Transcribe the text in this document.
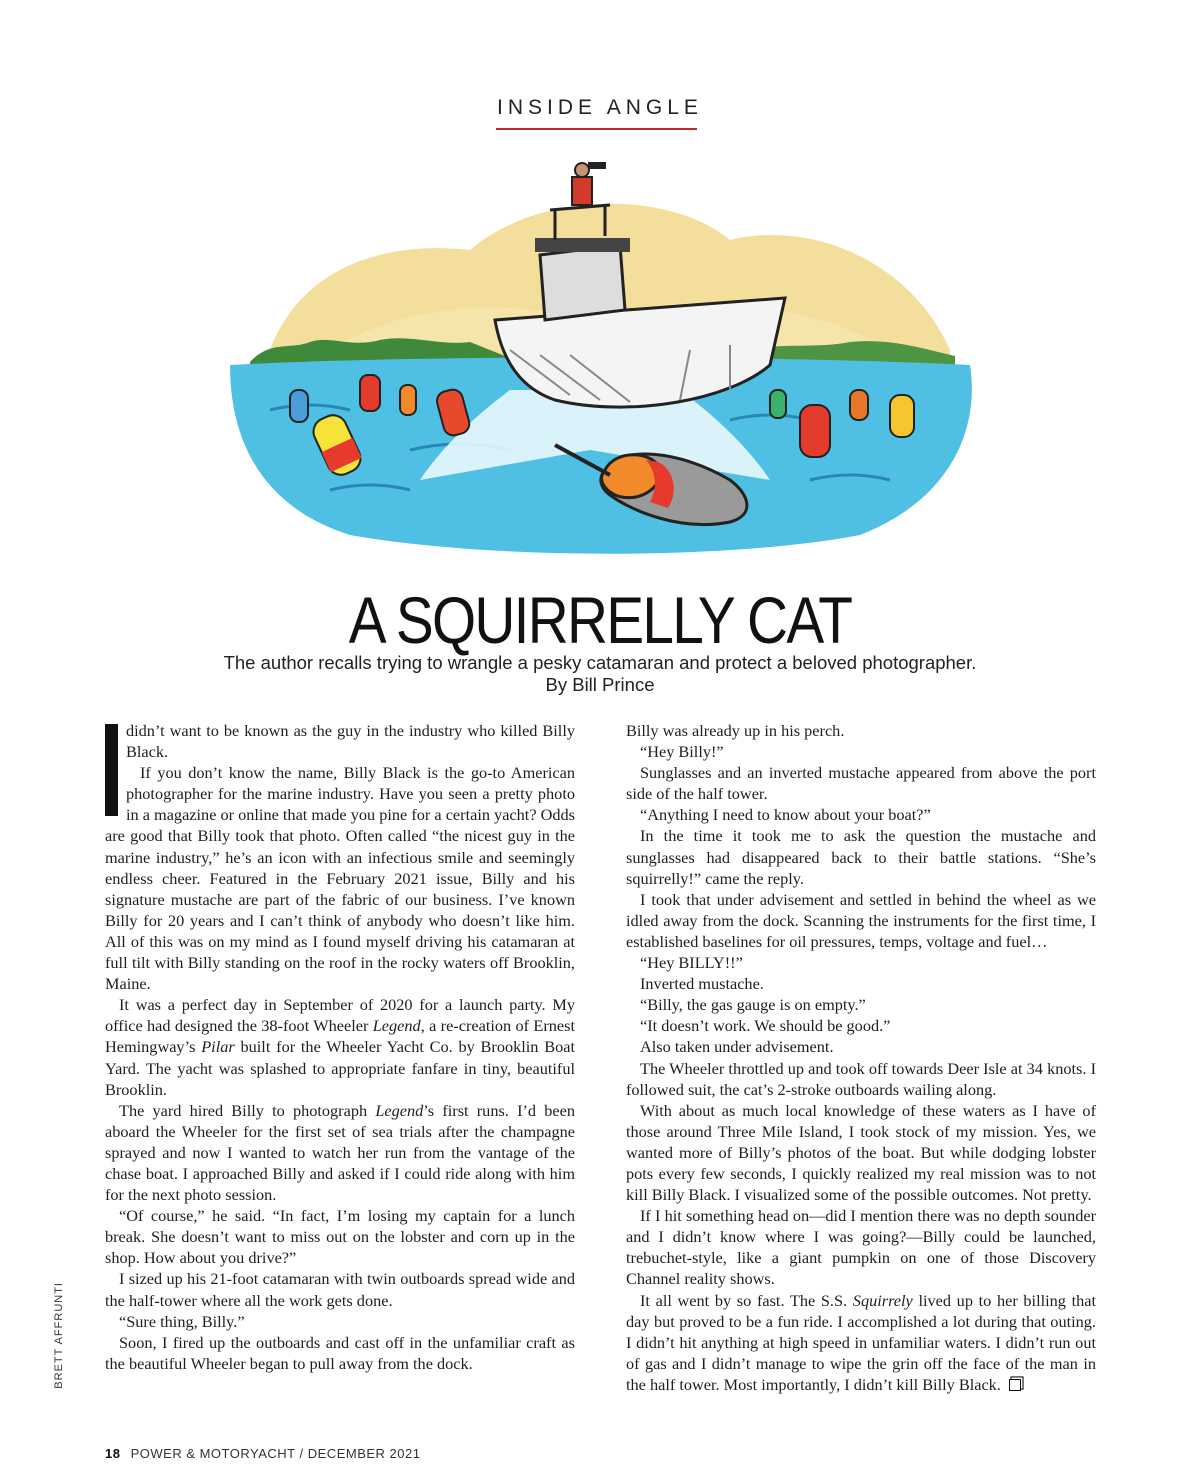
INSIDE ANGLE
A SQUIRRELLY CAT
The author recalls trying to wrangle a pesky catamaran and protect a beloved photographer.
By Bill Prince

didn’t want to be known as the guy in the industry who killed Billy Black.

If you don’t know the name, Billy Black is the go-to American photographer for the marine industry. Have you seen a pretty photo in a magazine or online that made you pine for a certain yacht? Odds are good that Billy took that photo. Often called “the nicest guy in the marine industry,” he’s an icon with an infectious smile and seemingly endless cheer. Featured in the February 2021 issue, Billy and his signature mustache are part of the fabric of our business. I’ve known Billy for 20 years and I can’t think of anybody who doesn’t like him. All of this was on my mind as I found myself driving his catamaran at full tilt with Billy standing on the roof in the rocky waters off Brooklin, Maine.

It was a perfect day in September of 2020 for a launch party. My office had designed the 38-foot Wheeler Legend, a re-creation of Ernest Hemingway’s Pilar built for the Wheeler Yacht Co. by Brooklin Boat Yard. The yacht was splashed to appropriate fanfare in tiny, beautiful Brooklin.

The yard hired Billy to photograph Legend’s first runs. I’d been aboard the Wheeler for the first set of sea trials after the champagne sprayed and now I wanted to watch her run from the vantage of the chase boat. I approached Billy and asked if I could ride along with him for the next photo session.

“Of course,” he said. “In fact, I’m losing my captain for a lunch break. She doesn’t want to miss out on the lobster and corn up in the shop. How about you drive?”

I sized up his 21-foot catamaran with twin outboards spread wide and the half-tower where all the work gets done.

“Sure thing, Billy.”

Soon, I fired up the outboards and cast off in the unfamiliar craft as the beautiful Wheeler began to pull away from the dock.

Billy was already up in his perch.

“Hey Billy!”

Sunglasses and an inverted mustache appeared from above the port side of the half tower.

“Anything I need to know about your boat?”

In the time it took me to ask the question the mustache and sunglasses had disappeared back to their battle stations. “She’s squirrelly!” came the reply.

I took that under advisement and settled in behind the wheel as we idled away from the dock. Scanning the instruments for the first time, I established baselines for oil pressures, temps, voltage and fuel…

“Hey BILLY!!”

Inverted mustache.

“Billy, the gas gauge is on empty.”

“It doesn’t work. We should be good.”

Also taken under advisement.

The Wheeler throttled up and took off towards Deer Isle at 34 knots. I followed suit, the cat’s 2-stroke outboards wailing along.

With about as much local knowledge of these waters as I have of those around Three Mile Island, I took stock of my mission. Yes, we wanted more of Billy’s photos of the boat. But while dodging lobster pots every few seconds, I quickly realized my real mission was to not kill Billy Black. I visualized some of the possible outcomes. Not pretty.

If I hit something head on—did I mention there was no depth sounder and I didn’t know where I was going?—Billy could be launched, trebuchet-style, like a giant pumpkin on one of those Discovery Channel reality shows.

It all went by so fast. The S.S. Squirrely lived up to her billing that day but proved to be a fun ride. I accomplished a lot during that outing. I didn’t hit anything at high speed in unfamiliar waters. I didn’t run out of gas and I didn’t manage to wipe the grin off the face of the man in the half tower. Most importantly, I didn’t kill Billy Black.

BRETT AFFRUNTI
18 POWER & MOTORYACHT / DECEMBER 2021
